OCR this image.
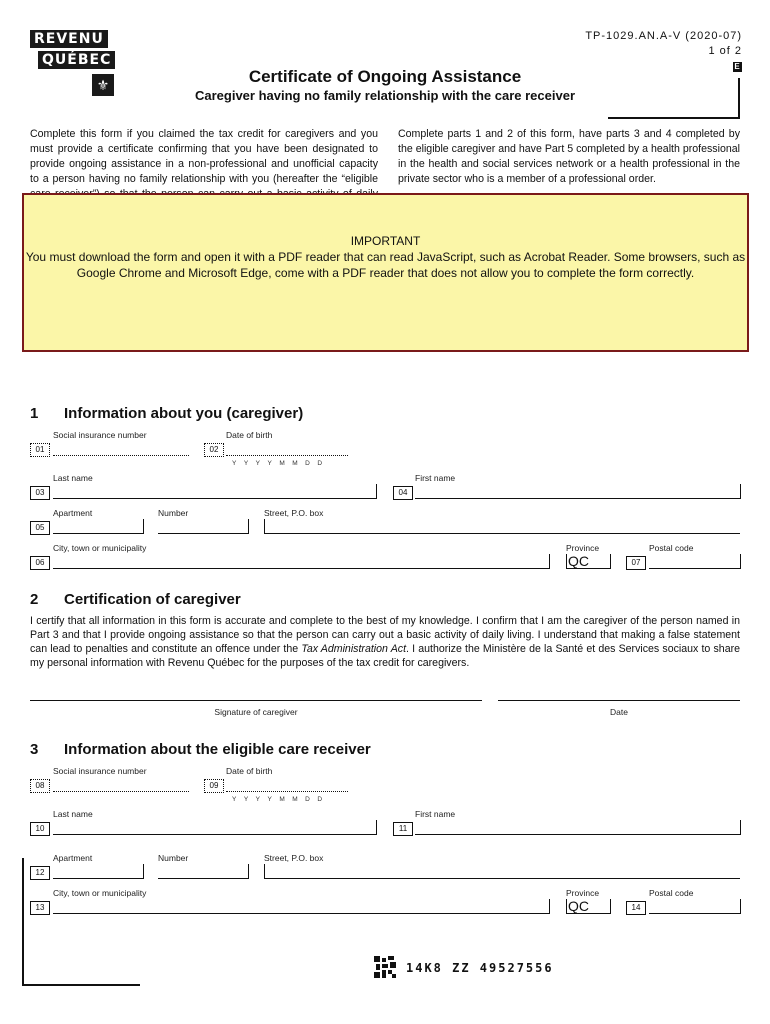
REVENU
QUÉBEC
⚜
TP-1029.AN.A-V (2020-07)
1 of 2
E
Certificate of Ongoing Assistance
Caregiver having no family relationship with the care receiver
Complete this form if you claimed the tax credit for caregivers and you must provide a certificate confirming that you have been designated to provide ongoing assistance in a non-professional and unofficial capacity to a person having no family relationship with you (hereafter the “eligible
Complete parts 1 and 2 of this form, have parts 3 and 4 completed by the eligible caregiver and have Part 5 completed by a health professional in the health and social services network or a health professional in the private sector who is a member of a professional order.
IMPORTANT
You must download the form and open it with a PDF reader that can read JavaScript, such as Acrobat Reader. Some browsers, such as Google Chrome and Microsoft Edge, come with a PDF reader that does not allow you to complete the form correctly.
1 Information about you (caregiver)
Social insurance number	Date of birth
01	02
YYYYMMDD
Last name	First name
03	04
Apartment	Number	Street, P.O. box
05
City, town or municipality	Province	Postal code
06	QC	07
2 Certification of caregiver
I certify that all information in this form is accurate and complete to the best of my knowledge. I confirm that I am the caregiver of the person named in Part 3 and that I provide ongoing assistance so that the person can carry out a basic activity of daily living. I understand that making a false statement can lead to penalties and constitute an offence under the Tax Administration Act. I authorize the Ministère de la Santé et des Services sociaux to share my personal information with Revenu Québec for the purposes of the tax credit for caregivers.
Signature of caregiver	Date
3 Information about the eligible care receiver
Social insurance number	Date of birth
08	09
YYYYMMDD
Last name	First name
10	11
Apartment	Number	Street, P.O. box
12
City, town or municipality	Province	Postal code
13	QC	14
14K8 ZZ 49527556
